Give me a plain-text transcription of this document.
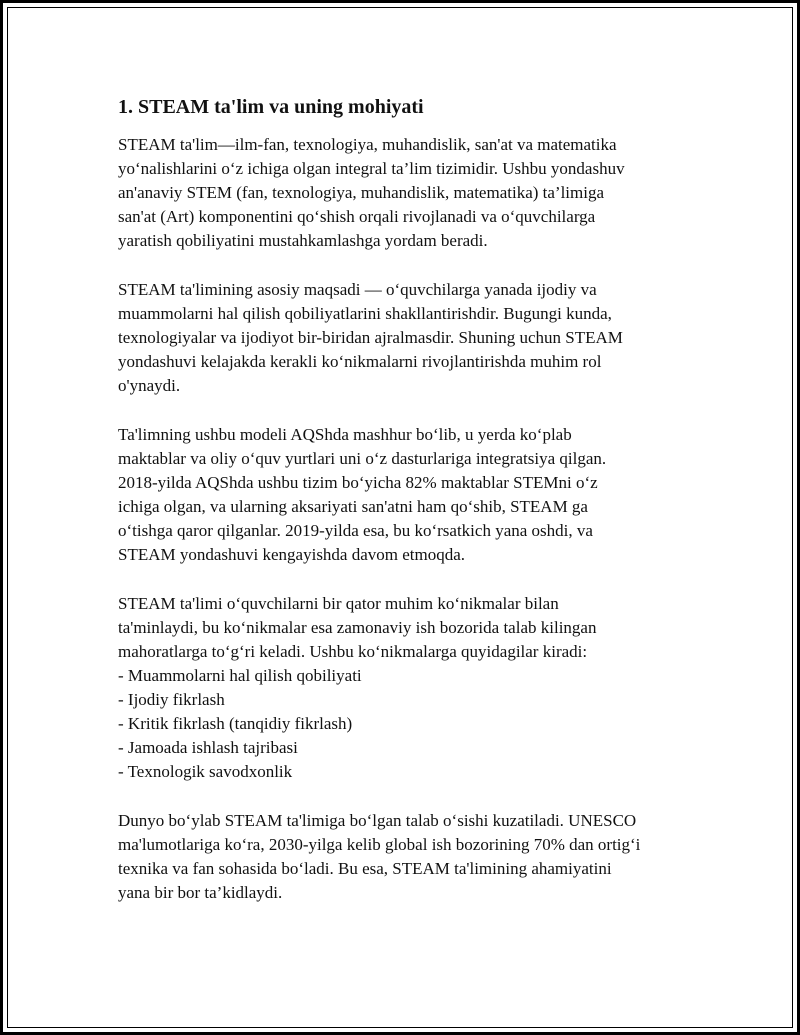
1. STEAM ta'lim va uning mohiyati
STEAM ta'lim—ilm-fan, texnologiya, muhandislik, san'at va matematika
yo‘nalishlarini o‘z ichiga olgan integral ta’lim tizimidir. Ushbu yondashuv
an'anaviy STEM (fan, texnologiya, muhandislik, matematika) ta’limiga
san'at (Art) komponentini qo‘shish orqali rivojlanadi va o‘quvchilarga
yaratish qobiliyatini mustahkamlashga yordam beradi.
STEAM ta'limining asosiy maqsadi — o‘quvchilarga yanada ijodiy va
muammolarni hal qilish qobiliyatlarini shakllantirishdir. Bugungi kunda,
texnologiyalar va ijodiyot bir-biridan ajralmasdir. Shuning uchun STEAM
yondashuvi kelajakda kerakli ko‘nikmalarni rivojlantirishda muhim rol
o'ynaydi.
Ta'limning ushbu modeli AQShda mashhur bo‘lib, u yerda ko‘plab
maktablar va oliy o‘quv yurtlari uni o‘z dasturlariga integratsiya qilgan.
2018-yilda AQShda ushbu tizim bo‘yicha 82% maktablar STEMni o‘z
ichiga olgan, va ularning aksariyati san'atni ham qo‘shib, STEAM ga
o‘tishga qaror qilganlar. 2019-yilda esa, bu ko‘rsatkich yana oshdi, va
STEAM yondashuvi kengayishda davom etmoqda.
STEAM ta'limi o‘quvchilarni bir qator muhim ko‘nikmalar bilan
ta'minlaydi, bu ko‘nikmalar esa zamonaviy ish bozorida talab kilingan
mahoratlarga to‘g‘ri keladi. Ushbu ko‘nikmalarga quyidagilar kiradi:
- Muammolarni hal qilish qobiliyati
- Ijodiy fikrlash
- Kritik fikrlash (tanqidiy fikrlash)
- Jamoada ishlash tajribasi
- Texnologik savodxonlik
Dunyo bo‘ylab STEAM ta'limiga bo‘lgan talab o‘sishi kuzatiladi. UNESCO
ma'lumotlariga ko‘ra, 2030-yilga kelib global ish bozorining 70% dan ortig‘i
texnika va fan sohasida bo‘ladi. Bu esa, STEAM ta'limining ahamiyatini
yana bir bor ta’kidlaydi.
